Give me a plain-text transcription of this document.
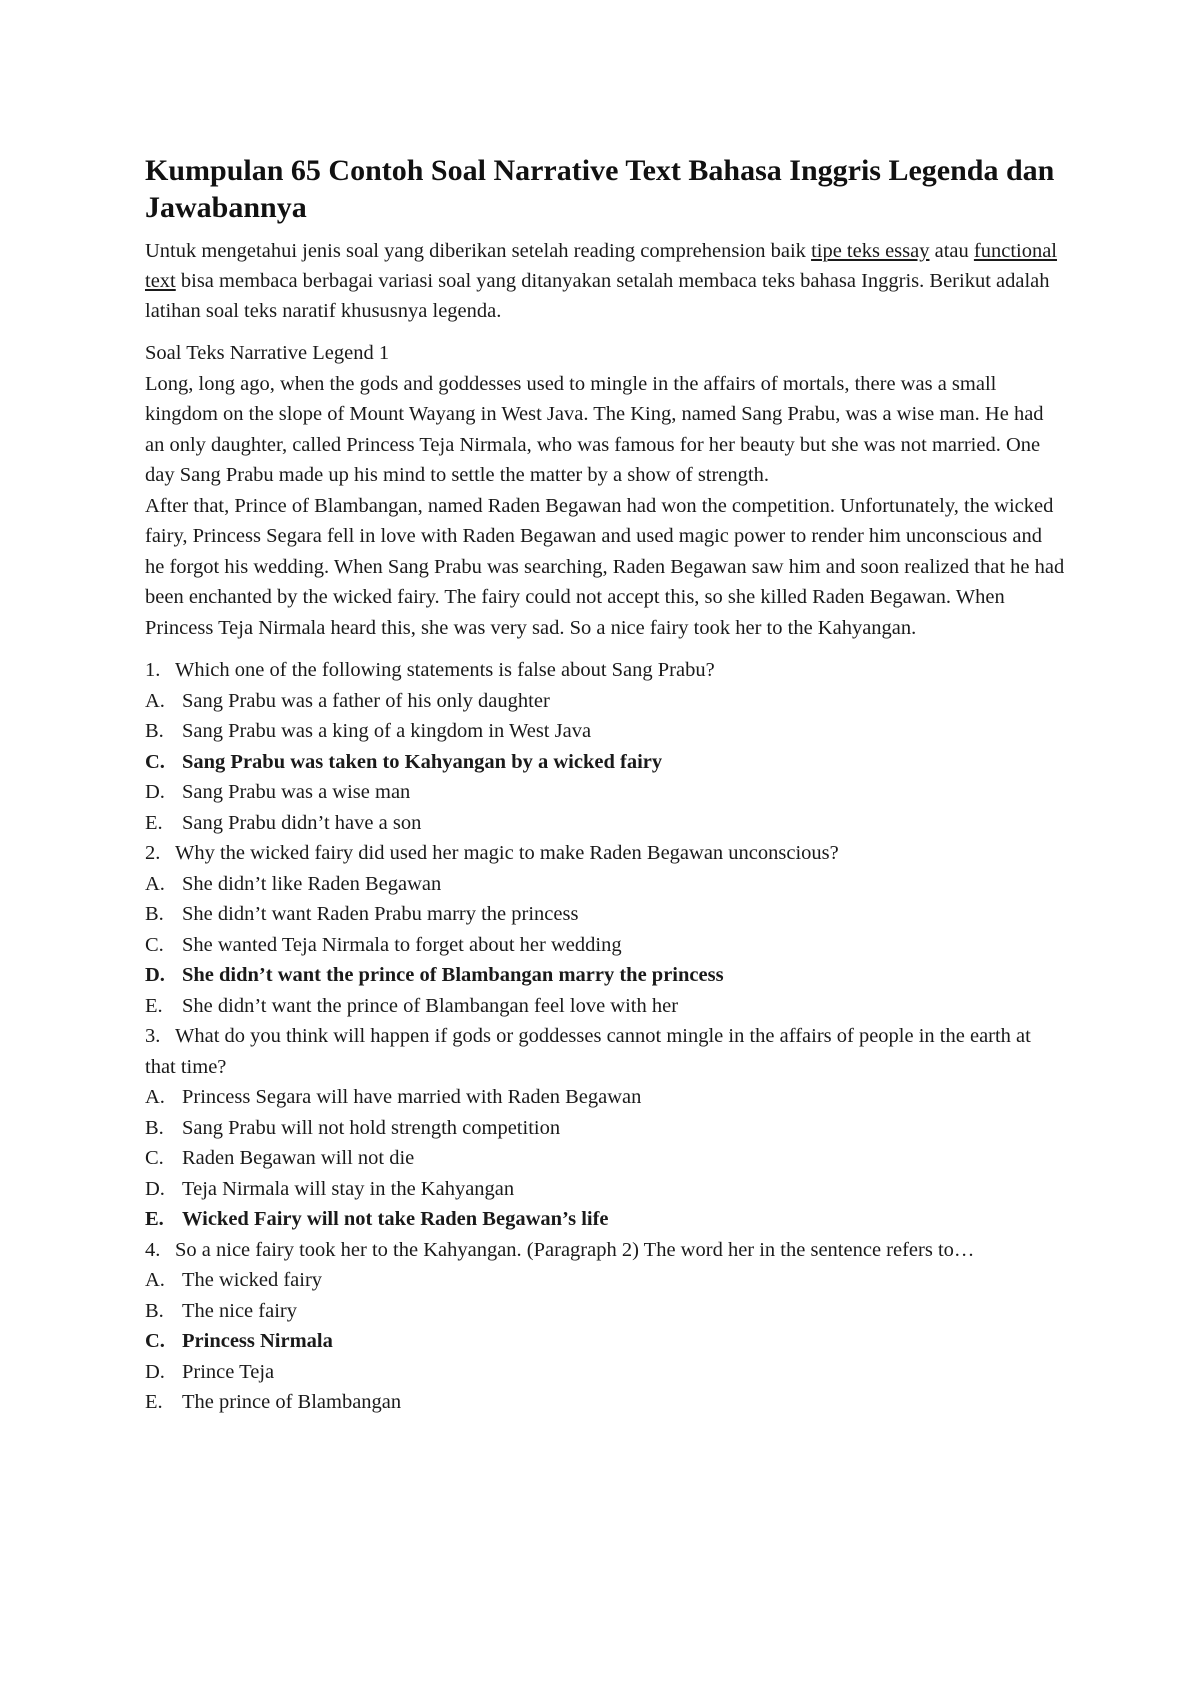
Kumpulan 65 Contoh Soal Narrative Text Bahasa Inggris Legenda dan Jawabannya

Untuk mengetahui jenis soal yang diberikan setelah reading comprehension baik tipe teks essay atau functional text bisa membaca berbagai variasi soal yang ditanyakan setalah membaca teks bahasa Inggris. Berikut adalah latihan soal teks naratif khususnya legenda.

Soal Teks Narrative Legend 1
Long, long ago, when the gods and goddesses used to mingle in the affairs of mortals, there was a small kingdom on the slope of Mount Wayang in West Java. The King, named Sang Prabu, was a wise man. He had an only daughter, called Princess Teja Nirmala, who was famous for her beauty but she was not married. One day Sang Prabu made up his mind to settle the matter by a show of strength.
After that, Prince of Blambangan, named Raden Begawan had won the competition. Unfortunately, the wicked fairy, Princess Segara fell in love with Raden Begawan and used magic power to render him unconscious and he forgot his wedding. When Sang Prabu was searching, Raden Begawan saw him and soon realized that he had been enchanted by the wicked fairy. The fairy could not accept this, so she killed Raden Begawan. When Princess Teja Nirmala heard this, she was very sad. So a nice fairy took her to the Kahyangan.
1. Which one of the following statements is false about Sang Prabu?
A. Sang Prabu was a father of his only daughter
B. Sang Prabu was a king of a kingdom in West Java
C. Sang Prabu was taken to Kahyangan by a wicked fairy
D. Sang Prabu was a wise man
E. Sang Prabu didn’t have a son
2. Why the wicked fairy did used her magic to make Raden Begawan unconscious?
A. She didn’t like Raden Begawan
B. She didn’t want Raden Prabu marry the princess
C. She wanted Teja Nirmala to forget about her wedding
D. She didn’t want the prince of Blambangan marry the princess
E. She didn’t want the prince of Blambangan feel love with her
3. What do you think will happen if gods or goddesses cannot mingle in the affairs of people in the earth at that time?
A. Princess Segara will have married with Raden Begawan
B. Sang Prabu will not hold strength competition
C. Raden Begawan will not die
D. Teja Nirmala will stay in the Kahyangan
E. Wicked Fairy will not take Raden Begawan’s life
4. So a nice fairy took her to the Kahyangan. (Paragraph 2) The word her in the sentence refers to…
A. The wicked fairy
B. The nice fairy
C. Princess Nirmala
D. Prince Teja
E. The prince of Blambangan
